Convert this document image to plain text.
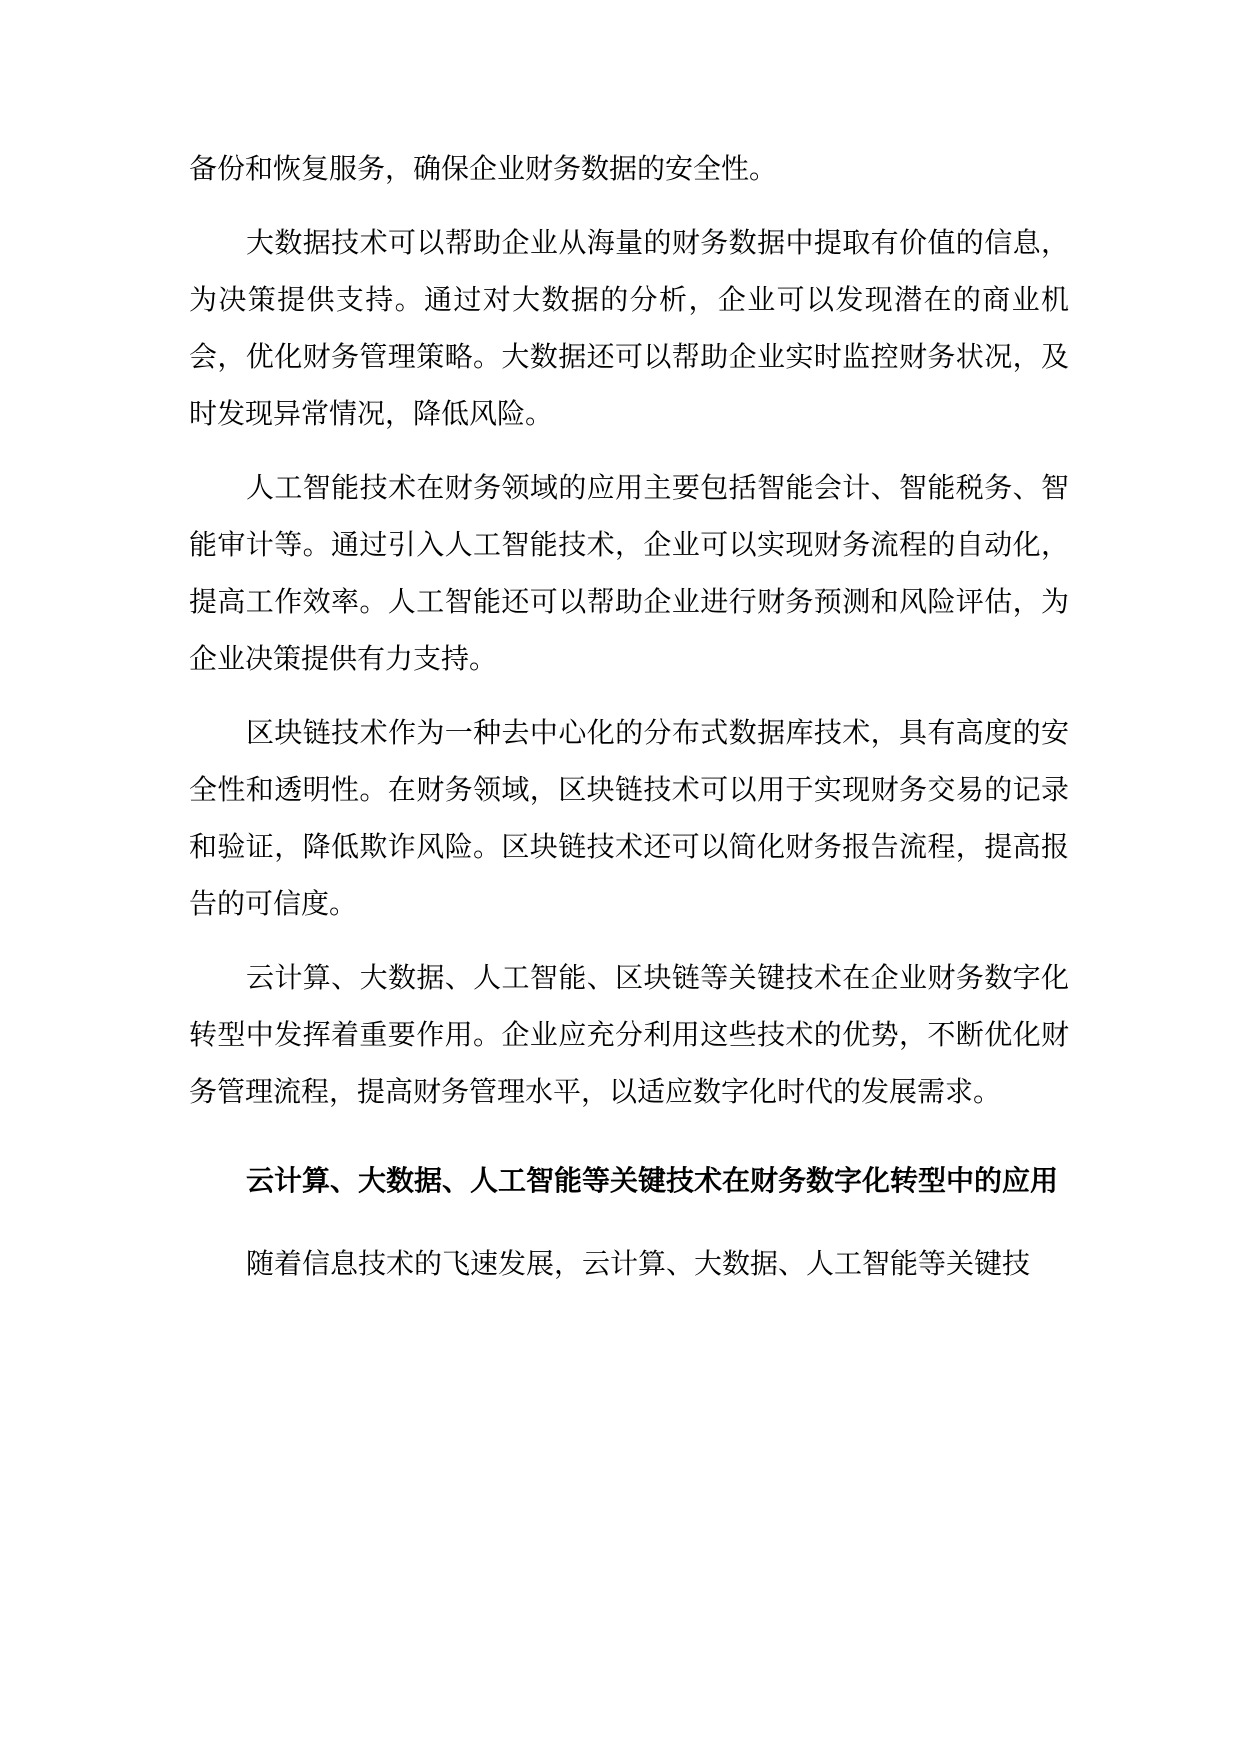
备份和恢复服务，确保企业财务数据的安全性。

大数据技术可以帮助企业从海量的财务数据中提取有价值的信息，为决策提供支持。通过对大数据的分析，企业可以发现潜在的商业机会，优化财务管理策略。大数据还可以帮助企业实时监控财务状况，及时发现异常情况，降低风险。

人工智能技术在财务领域的应用主要包括智能会计、智能税务、智能审计等。通过引入人工智能技术，企业可以实现财务流程的自动化，提高工作效率。人工智能还可以帮助企业进行财务预测和风险评估，为企业决策提供有力支持。

区块链技术作为一种去中心化的分布式数据库技术，具有高度的安全性和透明性。在财务领域，区块链技术可以用于实现财务交易的记录和验证，降低欺诈风险。区块链技术还可以简化财务报告流程，提高报告的可信度。

云计算、大数据、人工智能、区块链等关键技术在企业财务数字化转型中发挥着重要作用。企业应充分利用这些技术的优势，不断优化财务管理流程，提高财务管理水平，以适应数字化时代的发展需求。

云计算、大数据、人工智能等关键技术在财务数字化转型中的应用

随着信息技术的飞速发展，云计算、大数据、人工智能等关键技
